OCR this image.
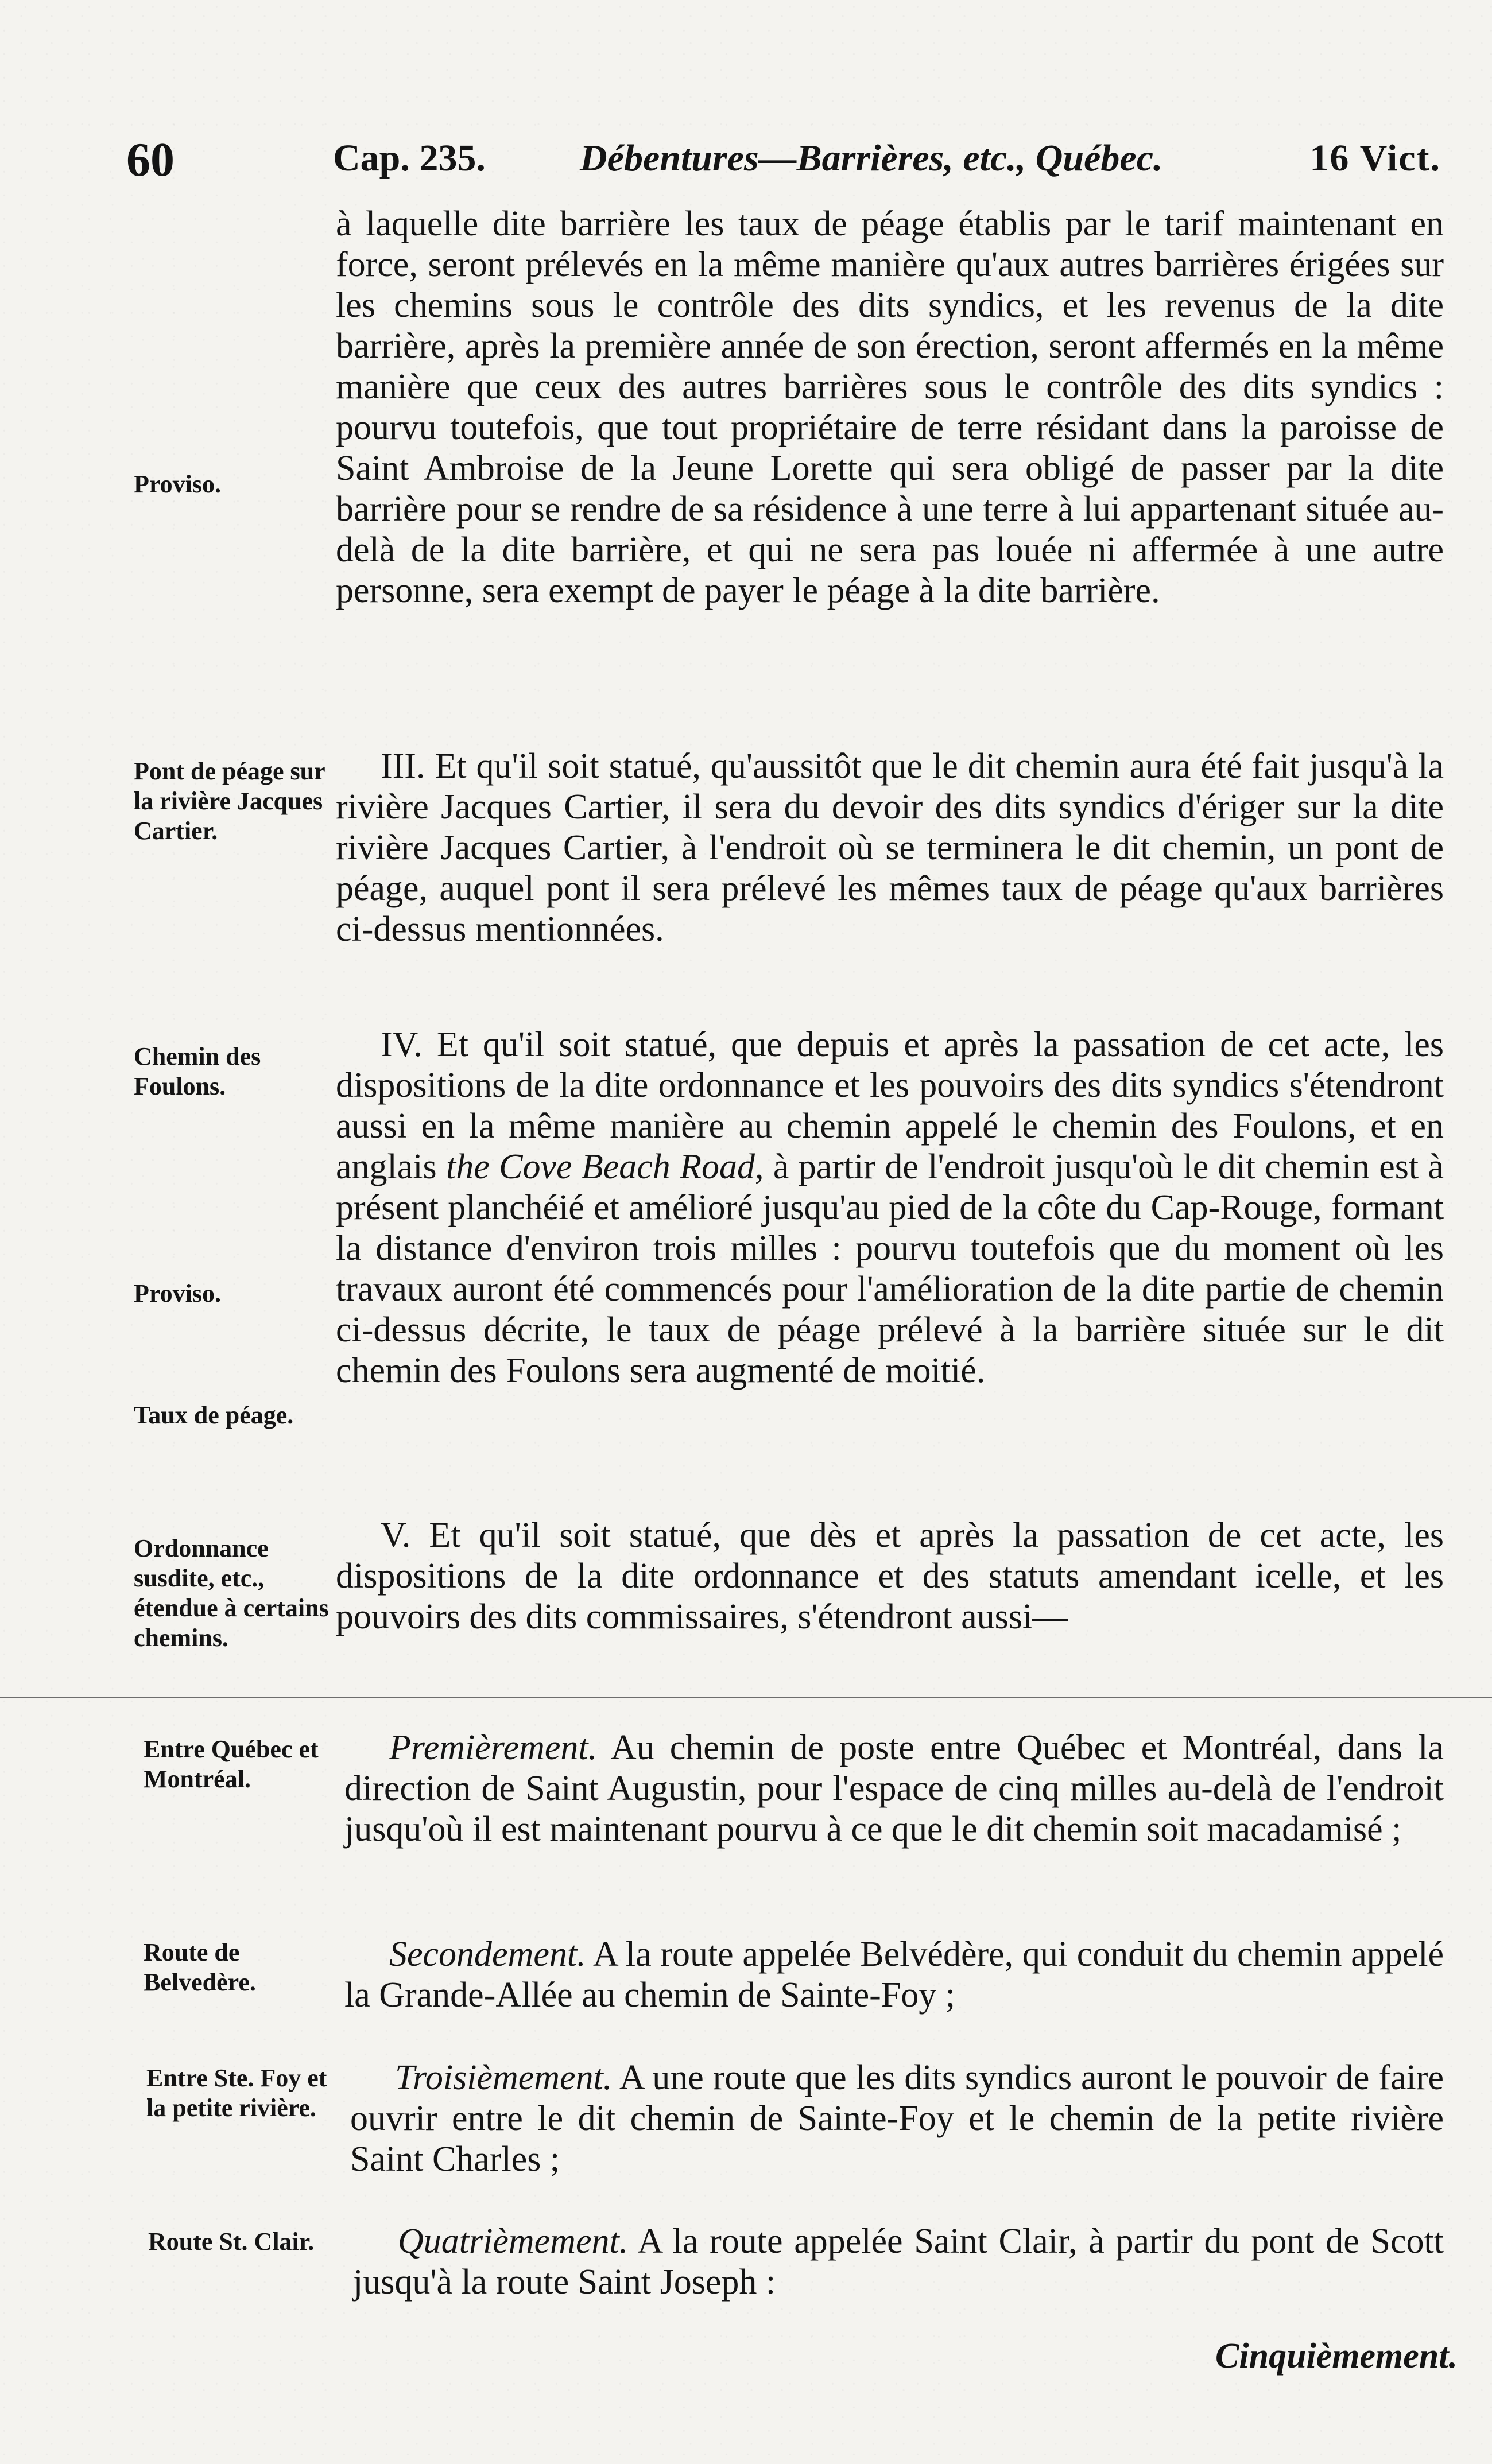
60	Cap. 235. Débentures—Barrières, etc., Québec.	16 Vict.

à laquelle dite barrière les taux de péage établis par le tarif maintenant en force, seront prélevés en la même manière qu'aux autres barrières érigées sur les chemins sous le contrôle des dits syndics, et les revenus de la dite barrière, après la première année de son érection, seront affermés en la même manière que ceux des autres barrières sous le contrôle des dits syndics : pourvu toutefois, que tout propriétaire de terre résidant dans la paroisse de Saint Ambroise de la Jeune Lorette qui sera obligé de passer par la dite barrière pour se rendre de sa résidence à une terre à lui appartenant située au-delà de la dite barrière, et qui ne sera pas louée ni affermée à une autre personne, sera exempt de payer le péage à la dite barrière.

Proviso.

III. Et qu'il soit statué, qu'aussitôt que le dit chemin aura été fait jusqu'à la rivière Jacques Cartier, il sera du devoir des dits syndics d'ériger sur la dite rivière Jacques Cartier, à l'endroit où se terminera le dit chemin, un pont de péage, auquel pont il sera prélevé les mêmes taux de péage qu'aux barrières ci-dessus mentionnées.

Pont de péage sur la rivière Jacques Cartier.

IV. Et qu'il soit statué, que depuis et après la passation de cet acte, les dispositions de la dite ordonnance et les pouvoirs des dits syndics s'étendront aussi en la même manière au chemin appelé le chemin des Foulons, et en anglais the Cove Beach Road, à partir de l'endroit jusqu'où le dit chemin est à présent planchéié et amélioré jusqu'au pied de la côte du Cap-Rouge, formant la distance d'environ trois milles : pourvu toutefois que du moment où les travaux auront été commencés pour l'amélioration de la dite partie de chemin ci-dessus décrite, le taux de péage prélevé à la barrière située sur le dit chemin des Foulons sera augmenté de moitié.

Chemin des Foulons.
Proviso.
Taux de péage.

V. Et qu'il soit statué, que dès et après la passation de cet acte, les dispositions de la dite ordonnance et des statuts amendant icelle, et les pouvoirs des dits commissaires, s'étendront aussi—

Ordonnance susdite, etc., étendue à certains chemins.

Premièrement. Au chemin de poste entre Québec et Montréal, dans la direction de Saint Augustin, pour l'espace de cinq milles au-delà de l'endroit jusqu'où il est maintenant pourvu à ce que le dit chemin soit macadamisé ;

Entre Québec et Montréal.

Secondement. A la route appelée Belvédère, qui conduit du chemin appelé la Grande-Allée au chemin de Sainte-Foy ;

Route de Belvedère.

Troisièmement. A une route que les dits syndics auront le pouvoir de faire ouvrir entre le dit chemin de Sainte-Foy et le chemin de la petite rivière Saint Charles ;

Entre Ste. Foy et la petite rivière.

Quatrièmement. A la route appelée Saint Clair, à partir du pont de Scott jusqu'à la route Saint Joseph :

Route St. Clair.
Cinquièmement.
